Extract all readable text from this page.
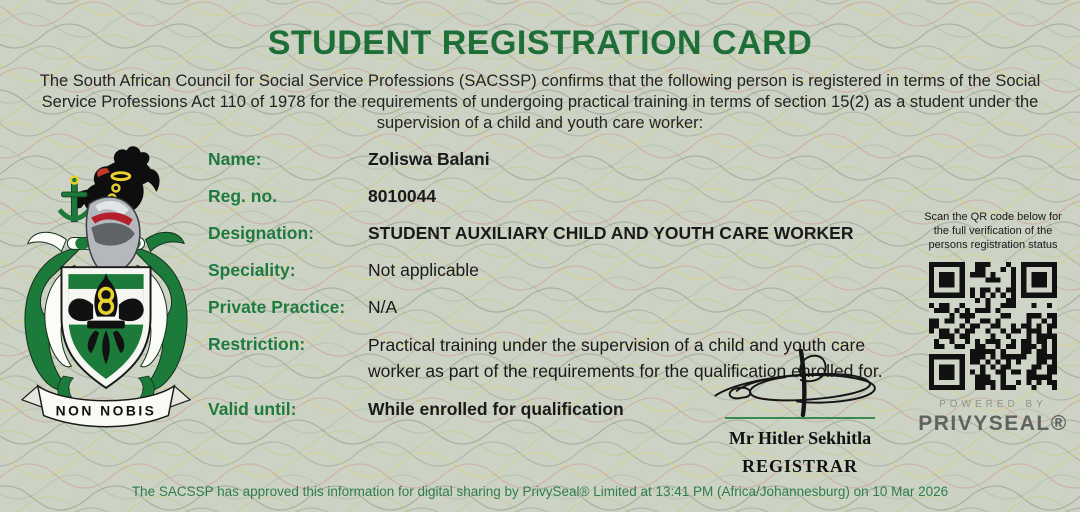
STUDENT REGISTRATION CARD
The South African Council for Social Service Professions (SACSSP) confirms that the following person is registered in terms of the Social Service Professions Act 110 of 1978 for the requirements of undergoing practical training in terms of section 15(2) as a student under the supervision of a child and youth care worker:
NON NOBIS
Name:	Zoliswa Balani
Reg. no.	8010044
Designation:	STUDENT AUXILIARY CHILD AND YOUTH CARE WORKER
Speciality:	Not applicable
Private Practice:	N/A
Restriction:	Practical training under the supervision of a child and youth care worker as part of the requirements for the qualification enrolled for.
Valid until:	While enrolled for qualification
Scan the QR code below for the full verification of the persons registration status
POWERED BY
PRIVYSEAL®
Mr Hitler Sekhitla
REGISTRAR
The SACSSP has approved this information for digital sharing by PrivySeal® Limited at 13:41 PM (Africa/Johannesburg) on 10 Mar 2026
